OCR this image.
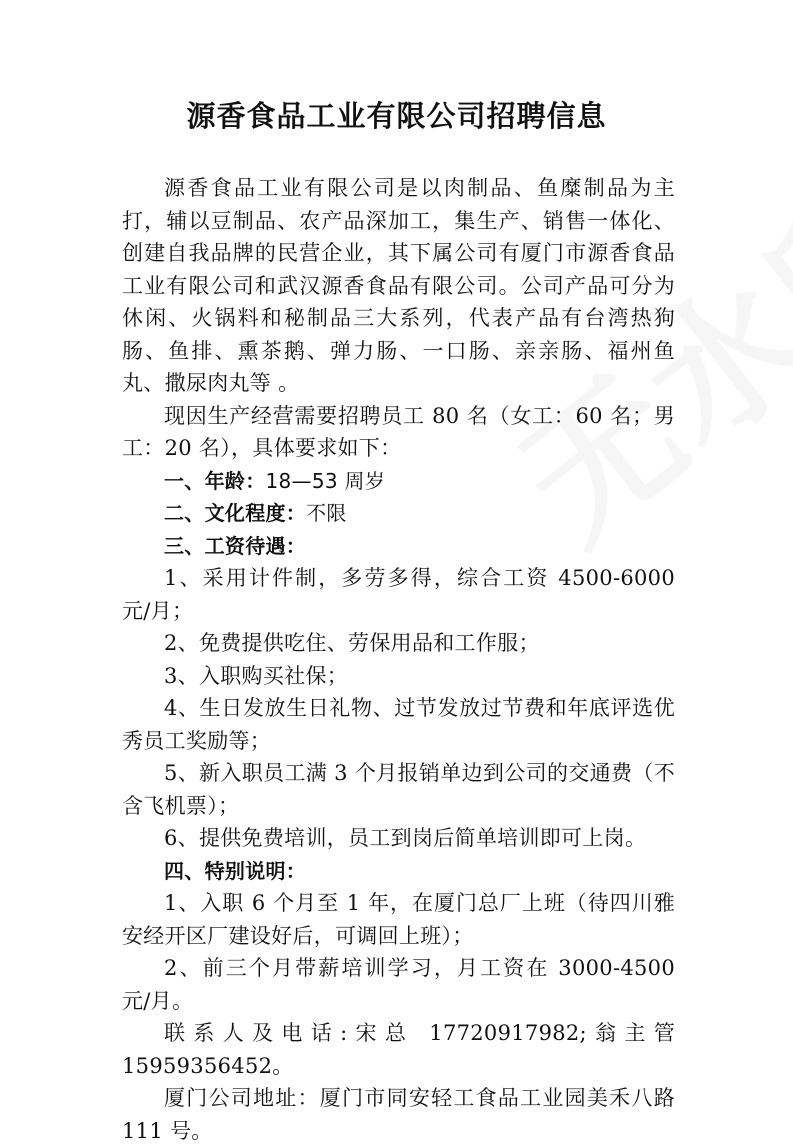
源香食品工业有限公司招聘信息

源香食品工业有限公司是以肉制品、鱼糜制品为主打，辅以豆制品、农产品深加工，集生产、销售一体化、创建自我品牌的民营企业，其下属公司有厦门市源香食品工业有限公司和武汉源香食品有限公司。公司产品可分为休闲、火锅料和秘制品三大系列，代表产品有台湾热狗肠、鱼排、熏茶鹅、弹力肠、一口肠、亲亲肠、福州鱼丸、撒尿肉丸等 。

现因生产经营需要招聘员工 80 名（女工：60 名；男工：20 名），具体要求如下：

一、年龄：18—53 周岁

二、文化程度：不限

三、工资待遇：

1、采用计件制，多劳多得，综合工资 4500-6000 元/月；

2、免费提供吃住、劳保用品和工作服；

3、入职购买社保；

4、生日发放生日礼物、过节发放过节费和年底评选优秀员工奖励等；

5、新入职员工满 3 个月报销单边到公司的交通费（不含飞机票）；

6、提供免费培训，员工到岗后简单培训即可上岗。

四、特别说明：

1、入职 6 个月至 1 年，在厦门总厂上班（待四川雅安经开区厂建设好后，可调回上班）；

2、前三个月带薪培训学习，月工资在 3000-4500 元/月。

联系人及电话:宋总 17720917982;翁主管 15959356452。

厦门公司地址：厦门市同安轻工食品工业园美禾八路 111 号。
